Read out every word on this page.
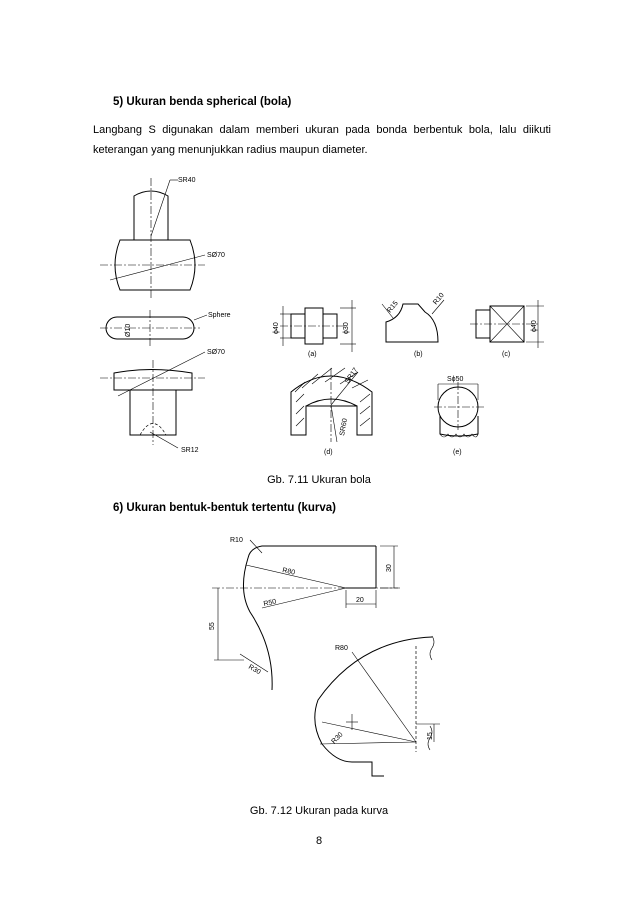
5) Ukuran benda spherical (bola)
Langbang S digunakan dalam memberi ukuran pada bonda berbentuk bola, lalu diikuti keterangan yang menunjukkan radius maupun diameter.
SR40
SØ70
Sphere
Ø10
SØ70
SR12
ϕ40	ϕ30
(a)
R15
R10
(b)
ϕ40
(c)
SR17
SR60
(d)
Sϕ50
(e)
Gb. 7.11 Ukuran bola
6) Ukuran bentuk-bentuk tertentu (kurva)
R10
R80
R50
30
20
55
R30
R80
R30	15
Gb. 7.12 Ukuran pada kurva
8
